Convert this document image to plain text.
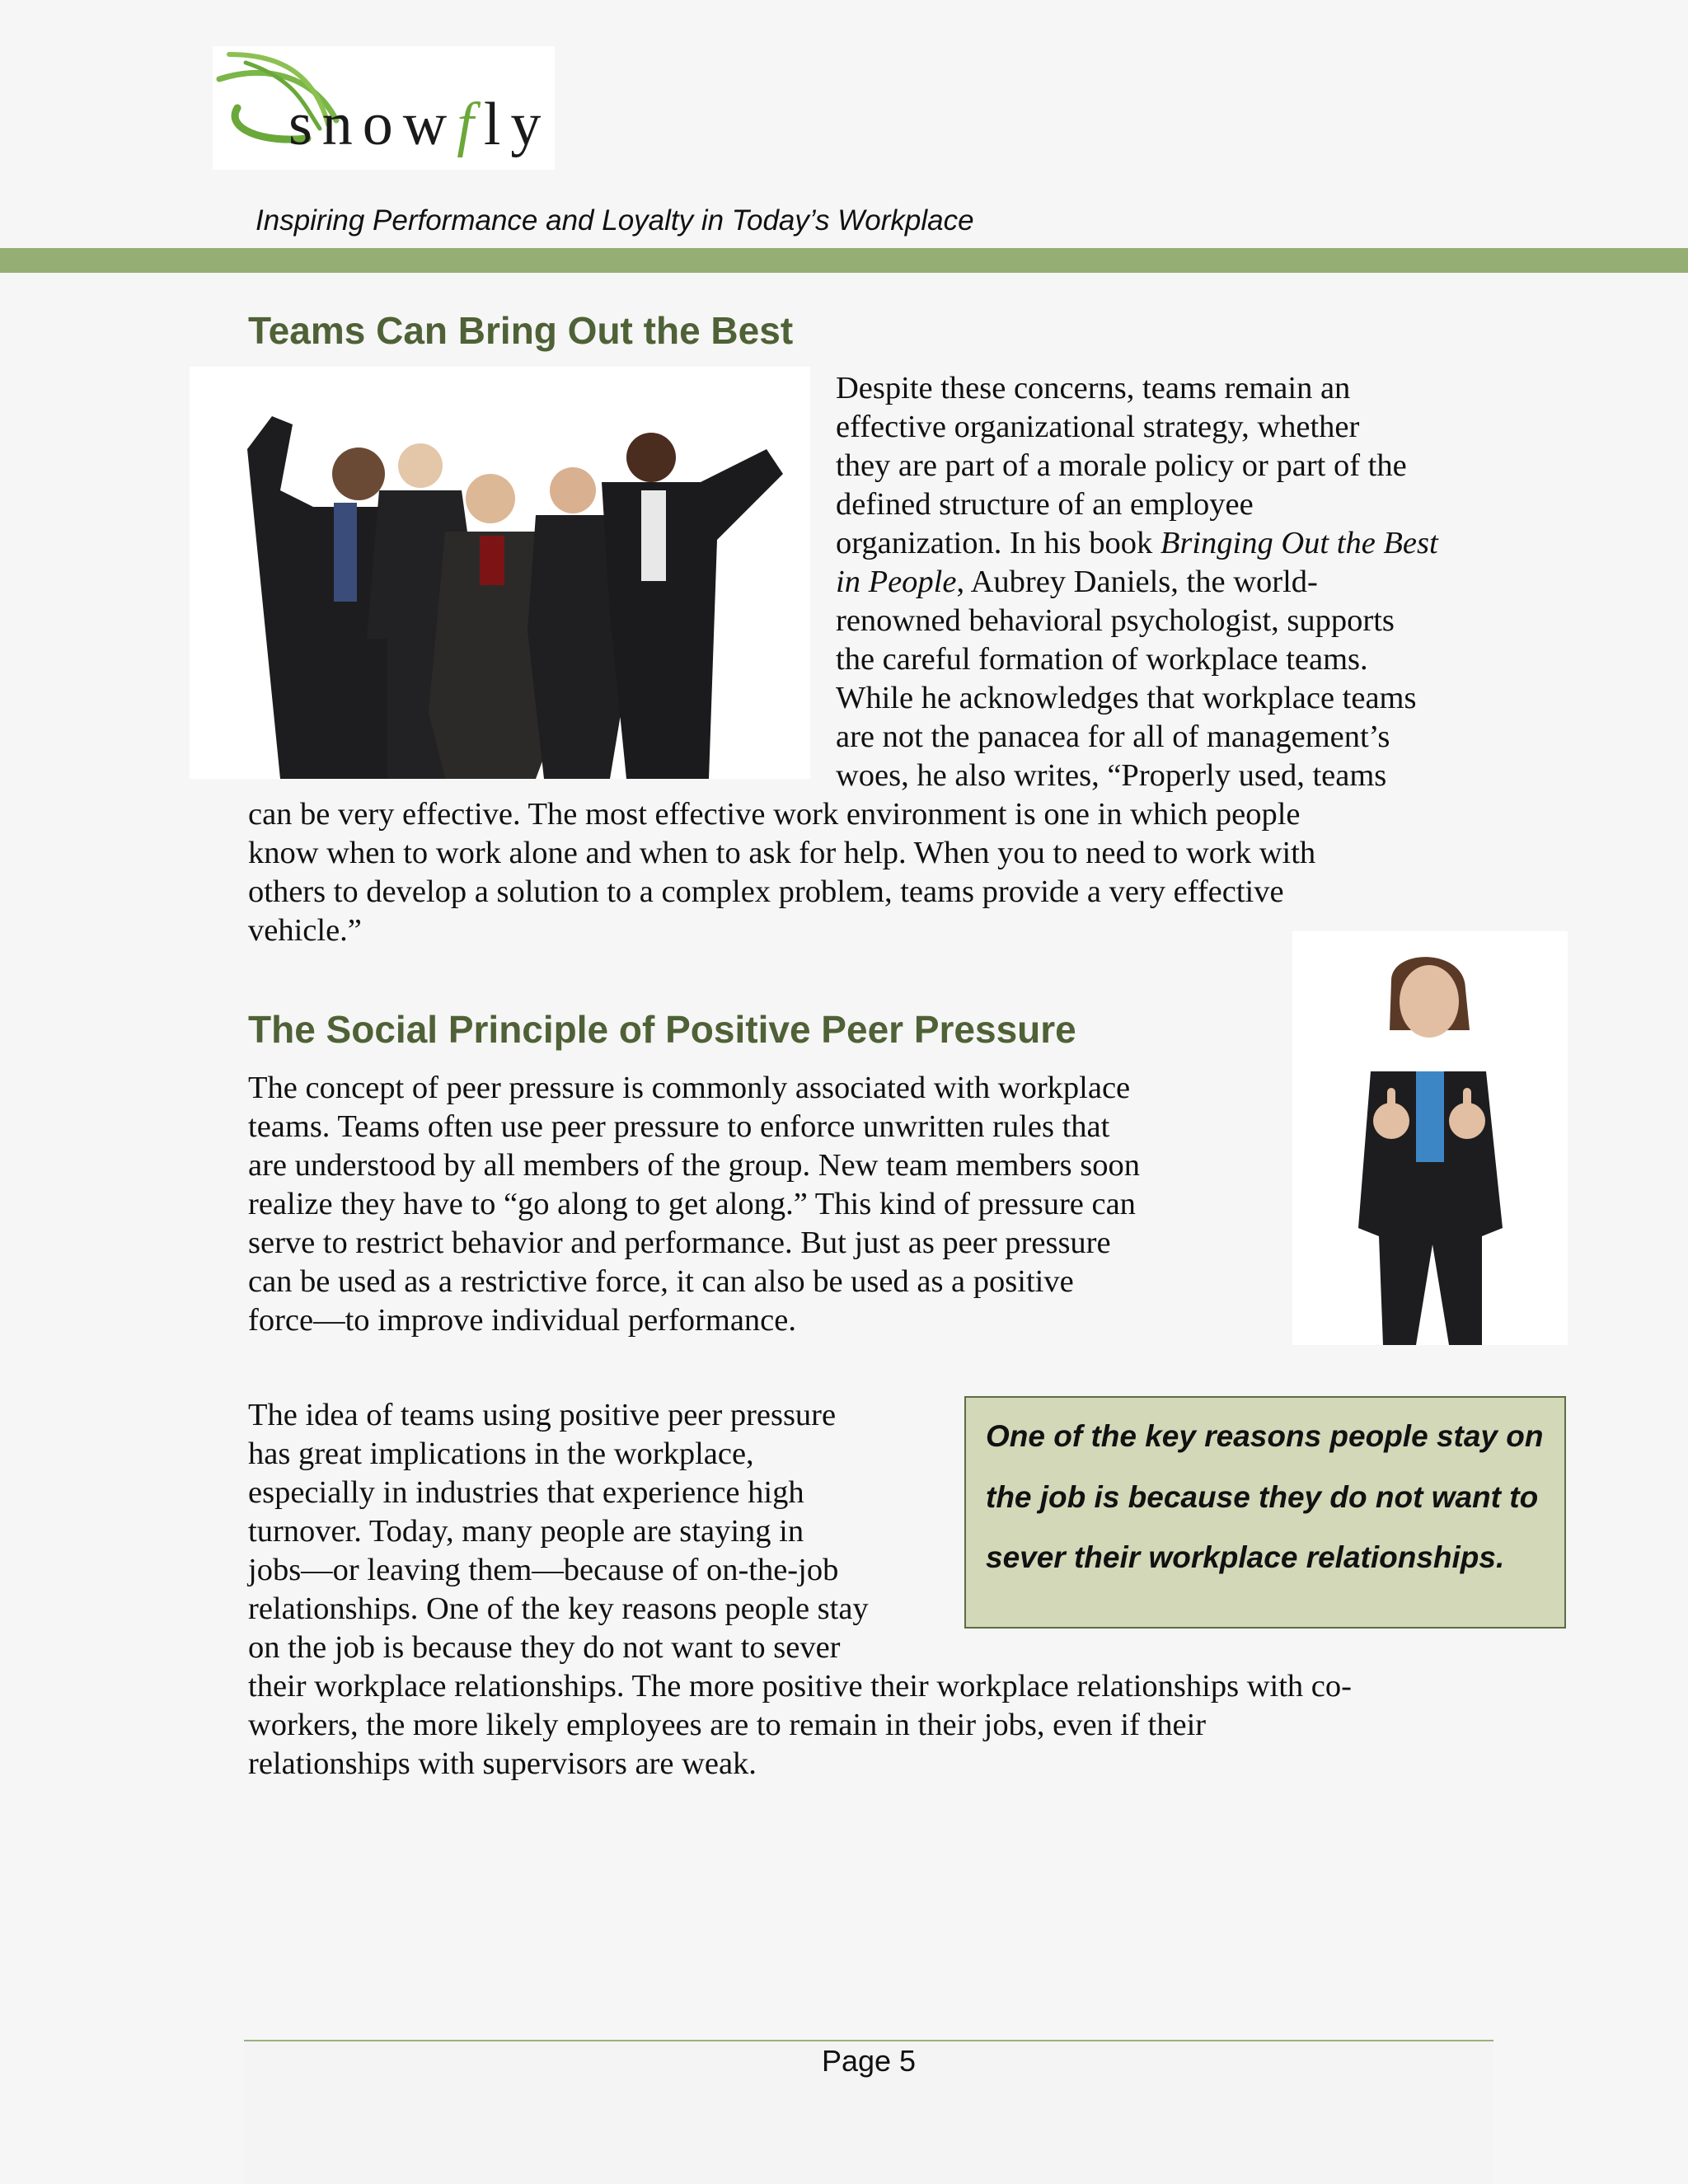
snowfly
Inspiring Performance and Loyalty in Today’s Workplace
Teams Can Bring Out the Best
Despite these concerns, teams remain an
effective organizational strategy, whether
they are part of a morale policy or part of the
defined structure of an employee
organization. In his book Bringing Out the Best
in People, Aubrey Daniels, the world-
renowned behavioral psychologist, supports
the careful formation of workplace teams.
While he acknowledges that workplace teams
are not the panacea for all of management’s
woes, he also writes, “Properly used, teams
can be very effective. The most effective work environment is one in which people
know when to work alone and when to ask for help. When you to need to work with
others to develop a solution to a complex problem, teams provide a very effective
vehicle.”
The Social Principle of Positive Peer Pressure
The concept of peer pressure is commonly associated with workplace
teams. Teams often use peer pressure to enforce unwritten rules that
are understood by all members of the group. New team members soon
realize they have to “go along to get along.” This kind of pressure can
serve to restrict behavior and performance. But just as peer pressure
can be used as a restrictive force, it can also be used as a positive
force—to improve individual performance.
The idea of teams using positive peer pressure
has great implications in the workplace,
especially in industries that experience high
turnover. Today, many people are staying in
jobs—or leaving them—because of on-the-job
relationships. One of the key reasons people stay
on the job is because they do not want to sever
their workplace relationships. The more positive their workplace relationships with co-
workers, the more likely employees are to remain in their jobs, even if their
relationships with supervisors are weak.
One of the key reasons people stay on
the job is because they do not want to
sever their workplace relationships.
Page 5
